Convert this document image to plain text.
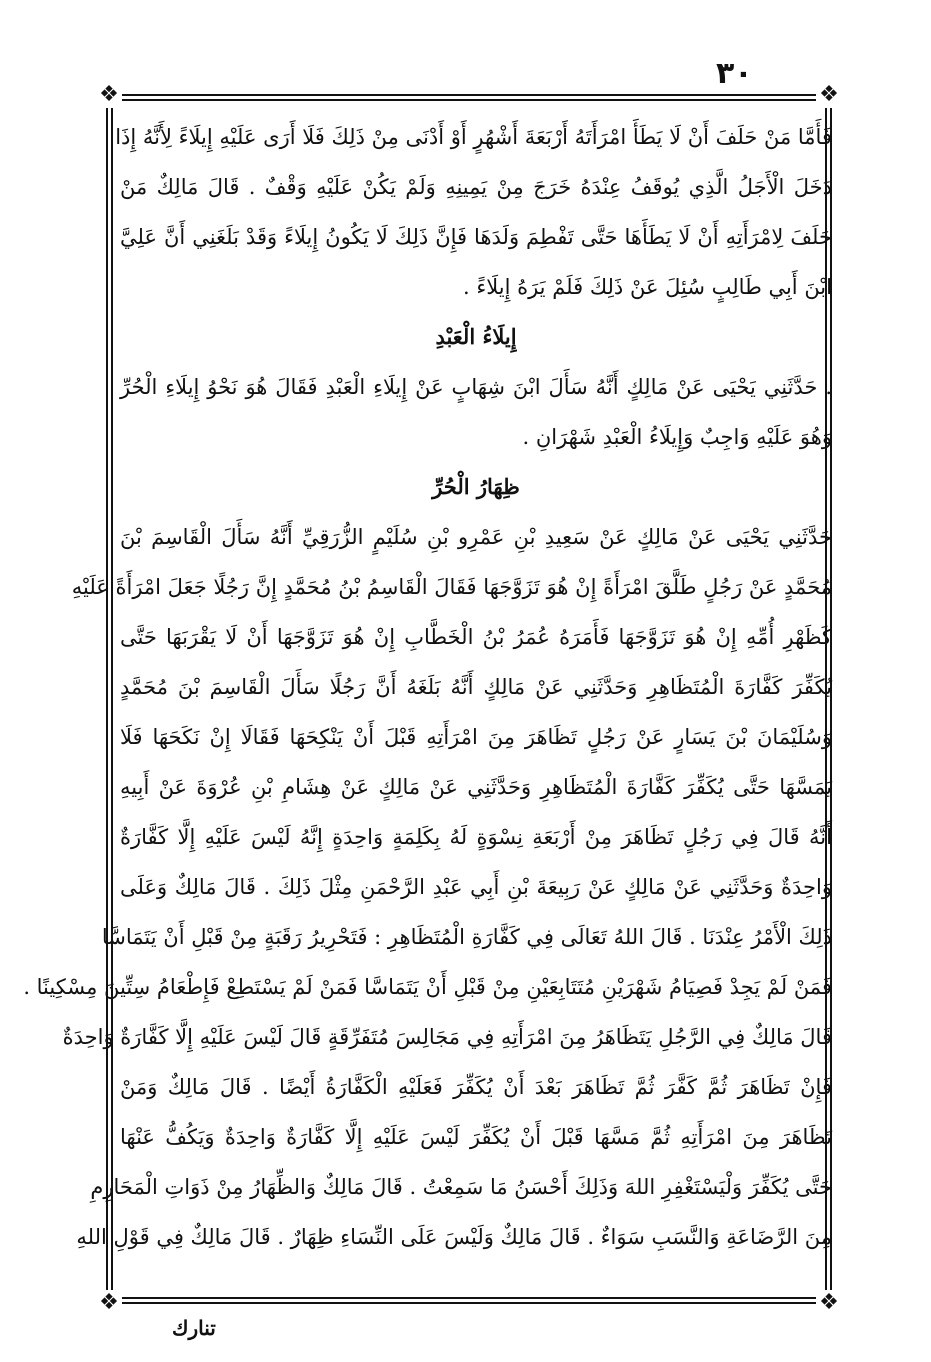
٣٠
❖	❖
❖	❖
فَأَمَّا مَنْ حَلَفَ أَنْ لَا يَطَأَ امْرَأَتَهُ أَرْبَعَةَ أَشْهُرٍ أَوْ أَدْنَى مِنْ ذَلِكَ فَلَا أَرَى عَلَيْهِ إِيلَاءً لِأَنَّهُ إِذَا
دَخَلَ الْأَجَلُ الَّذِي يُوقَفُ عِنْدَهُ خَرَجَ مِنْ يَمِينِهِ وَلَمْ يَكُنْ عَلَيْهِ وَقْفٌ . قَالَ مَالِكٌ مَنْ
حَلَفَ لِامْرَأَتِهِ أَنْ لَا يَطَأَهَا حَتَّى تَفْطِمَ وَلَدَهَا فَإِنَّ ذَلِكَ لَا يَكُونُ إِيلَاءً وَقَدْ بَلَغَنِي أَنَّ عَلِيَّ
ابْنَ أَبِي طَالِبٍ سُئِلَ عَنْ ذَلِكَ فَلَمْ يَرَهُ إِيلَاءً .
إِيلَاءُ الْعَبْدِ
. حَدَّثَنِي يَحْيَى عَنْ مَالِكٍ أَنَّهُ سَأَلَ ابْنَ شِهَابٍ عَنْ إِيلَاءِ الْعَبْدِ فَقَالَ هُوَ نَحْوُ إِيلَاءِ الْحُرِّ
وَهُوَ عَلَيْهِ وَاجِبٌ وَإِيلَاءُ الْعَبْدِ شَهْرَانِ .
ظِهَارُ الْحُرِّ
حَدَّثَنِي يَحْيَى عَنْ مَالِكٍ عَنْ سَعِيدِ بْنِ عَمْرِو بْنِ سُلَيْمٍ الزُّرَقِيِّ أَنَّهُ سَأَلَ الْقَاسِمَ بْنَ
مُحَمَّدٍ عَنْ رَجُلٍ طَلَّقَ امْرَأَةً إِنْ هُوَ تَزَوَّجَهَا فَقَالَ الْقَاسِمُ بْنُ مُحَمَّدٍ إِنَّ رَجُلًا جَعَلَ امْرَأَةً عَلَيْهِ
كَظَهْرِ أُمِّهِ إِنْ هُوَ تَزَوَّجَهَا فَأَمَرَهُ عُمَرُ بْنُ الْخَطَّابِ إِنْ هُوَ تَزَوَّجَهَا أَنْ لَا يَقْرَبَهَا حَتَّى
يُكَفِّرَ كَفَّارَةَ الْمُتَظَاهِرِ وَحَدَّثَنِي عَنْ مَالِكٍ أَنَّهُ بَلَغَهُ أَنَّ رَجُلًا سَأَلَ الْقَاسِمَ بْنَ مُحَمَّدٍ
وَسُلَيْمَانَ بْنَ يَسَارٍ عَنْ رَجُلٍ تَظَاهَرَ مِنَ امْرَأَتِهِ قَبْلَ أَنْ يَنْكِحَهَا فَقَالَا إِنْ نَكَحَهَا فَلَا
يَمَسَّهَا حَتَّى يُكَفِّرَ كَفَّارَةَ الْمُتَظَاهِرِ وَحَدَّثَنِي عَنْ مَالِكٍ عَنْ هِشَامِ بْنِ عُرْوَةَ عَنْ أَبِيهِ
أَنَّهُ قَالَ فِي رَجُلٍ تَظَاهَرَ مِنْ أَرْبَعَةِ نِسْوَةٍ لَهُ بِكَلِمَةٍ وَاحِدَةٍ إِنَّهُ لَيْسَ عَلَيْهِ إِلَّا كَفَّارَةٌ
وَاحِدَةٌ وَحَدَّثَنِي عَنْ مَالِكٍ عَنْ رَبِيعَةَ بْنِ أَبِي عَبْدِ الرَّحْمَنِ مِثْلَ ذَلِكَ . قَالَ مَالِكٌ وَعَلَى
ذَلِكَ الْأَمْرُ عِنْدَنَا . قَالَ اللهُ تَعَالَى فِي كَفَّارَةِ الْمُتَظَاهِرِ : فَتَحْرِيرُ رَقَبَةٍ مِنْ قَبْلِ أَنْ يَتَمَاسَّا
فَمَنْ لَمْ يَجِدْ فَصِيَامُ شَهْرَيْنِ مُتَتَابِعَيْنِ مِنْ قَبْلِ أَنْ يَتَمَاسَّا فَمَنْ لَمْ يَسْتَطِعْ فَإِطْعَامُ سِتِّينَ مِسْكِينًا .
قَالَ مَالِكٌ فِي الرَّجُلِ يَتَظَاهَرُ مِنَ امْرَأَتِهِ فِي مَجَالِسَ مُتَفَرِّقَةٍ قَالَ لَيْسَ عَلَيْهِ إِلَّا كَفَّارَةٌ وَاحِدَةٌ
فَإِنْ تَظَاهَرَ ثُمَّ كَفَّرَ ثُمَّ تَظَاهَرَ بَعْدَ أَنْ يُكَفِّرَ فَعَلَيْهِ الْكَفَّارَةُ أَيْضًا . قَالَ مَالِكٌ وَمَنْ
تَظَاهَرَ مِنَ امْرَأَتِهِ ثُمَّ مَسَّهَا قَبْلَ أَنْ يُكَفِّرَ لَيْسَ عَلَيْهِ إِلَّا كَفَّارَةٌ وَاحِدَةٌ وَيَكُفُّ عَنْهَا
حَتَّى يُكَفِّرَ وَلْيَسْتَغْفِرِ اللهَ وَذَلِكَ أَحْسَنُ مَا سَمِعْتُ . قَالَ مَالِكٌ وَالظِّهَارُ مِنْ ذَوَاتِ الْمَحَارِمِ
مِنَ الرَّضَاعَةِ وَالنَّسَبِ سَوَاءٌ . قَالَ مَالِكٌ وَلَيْسَ عَلَى النِّسَاءِ ظِهَارٌ . قَالَ مَالِكٌ فِي قَوْلِ اللهِ
تنارك
